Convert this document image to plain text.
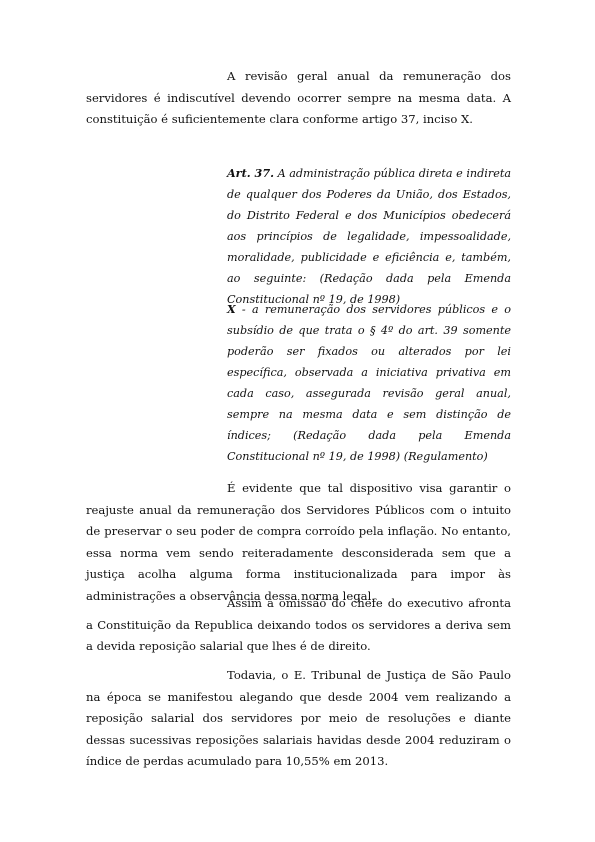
A revisão geral anual da remuneração dos servidores é indiscutível devendo ocorrer sempre na mesma data. A constituição é suficientemente clara conforme artigo 37, inciso X.

Art. 37. A administração pública direta e indireta de qualquer dos Poderes da União, dos Estados, do Distrito Federal e dos Municípios obedecerá aos princípios de legalidade, impessoalidade, moralidade, publicidade e eficiência e, também, ao seguinte: (Redação dada pela Emenda Constitucional nº 19, de 1998)

X - a remuneração dos servidores públicos e o subsídio de que trata o § 4º do art. 39 somente poderão ser fixados ou alterados por lei específica, observada a iniciativa privativa em cada caso, assegurada revisão geral anual, sempre na mesma data e sem distinção de índices; (Redação dada pela Emenda Constitucional nº 19, de 1998) (Regulamento)

É evidente que tal dispositivo visa garantir o reajuste anual da remuneração dos Servidores Públicos com o intuito de preservar o seu poder de compra corroído pela inflação. No entanto, essa norma vem sendo reiteradamente desconsiderada sem que a justiça acolha alguma forma institucionalizada para impor às administrações a observância dessa norma legal.

Assim a omissão do chefe do executivo afronta a Constituição da Republica deixando todos os servidores a deriva sem a devida reposição salarial que lhes é de direito.

Todavia, o E. Tribunal de Justiça de São Paulo na época se manifestou alegando que desde 2004 vem realizando a reposição salarial dos servidores por meio de resoluções e diante dessas sucessivas reposições salariais havidas desde 2004 reduziram o índice de perdas acumulado para 10,55% em 2013.
